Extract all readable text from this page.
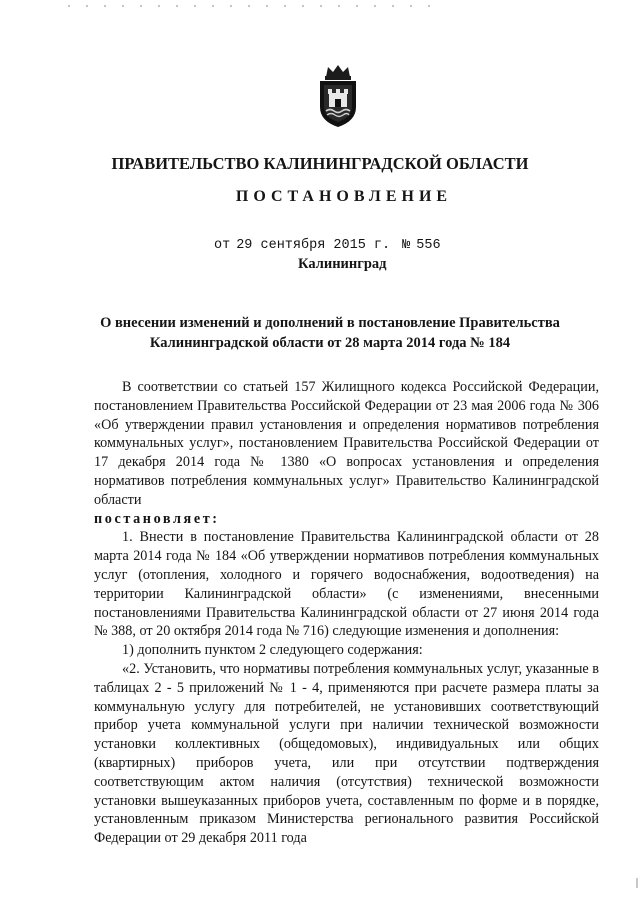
ПРАВИТЕЛЬСТВО КАЛИНИНГРАДСКОЙ ОБЛАСТИ
ПОСТАНОВЛЕНИЕ
от 29 сентября 2015 г. № 556
Калининград
О внесении изменений и дополнений в постановление Правительства
Калининградской области от 28 марта 2014 года № 184

В соответствии со статьей 157 Жилищного кодекса Российской Федерации, постановлением Правительства Российской Федерации от 23 мая 2006 года № 306 «Об утверждении правил установления и определения нормативов потребления коммунальных услуг», постановлением Правительства Российской Федерации от 17 декабря 2014 года № 1380 «О вопросах установления и определения нормативов потребления коммунальных услуг» Правительство Калининградской области

постановляет:

1. Внести в постановление Правительства Калининградской области от 28 марта 2014 года № 184 «Об утверждении нормативов потребления коммунальных услуг (отопления, холодного и горячего водоснабжения, водоотведения) на территории Калининградской области» (с изменениями, внесенными постановлениями Правительства Калининградской области от 27 июня 2014 года № 388, от 20 октября 2014 года № 716) следующие изменения и дополнения:

1) дополнить пунктом 2 следующего содержания:

«2. Установить, что нормативы потребления коммунальных услуг, указанные в таблицах 2 - 5 приложений № 1 - 4, применяются при расчете размера платы за коммунальную услугу для потребителей, не установивших соответствующий прибор учета коммунальной услуги при наличии технической возможности установки коллективных (общедомовых), индивидуальных или общих (квартирных) приборов учета, или при отсутствии подтверждения соответствующим актом наличия (отсутствия) технической возможности установки вышеуказанных приборов учета, составленным по форме и в порядке, установленным приказом Министерства регионального развития Российской Федерации от 29 декабря 2011 года
